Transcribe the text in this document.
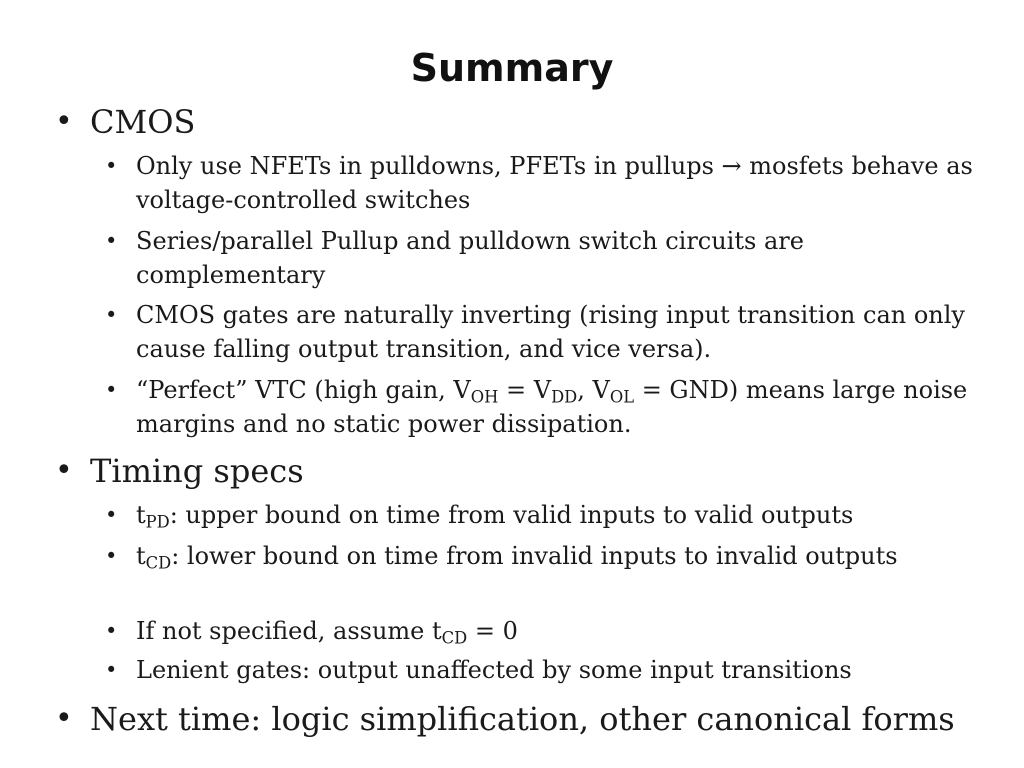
Summary
• CMOS
• Only use NFETs in pulldowns, PFETs in pullups → mosfets behave as voltage-controlled switches
• Series/parallel Pullup and pulldown switch circuits are complementary
• CMOS gates are naturally inverting (rising input transition can only cause falling output transition, and vice versa).
• “Perfect” VTC (high gain, $V_{OH} = V_{DD}$, $V_{OL} = GND$) means large noise margins and no static power dissipation.
• Timing specs
• $t_{PD}$: upper bound on time from valid inputs to valid outputs
• $t_{CD}$: lower bound on time from invalid inputs to invalid outputs
• If not specified, assume $t_{CD} = 0$
• Lenient gates: output unaffected by some input transitions
• Next time: logic simplification, other canonical forms
